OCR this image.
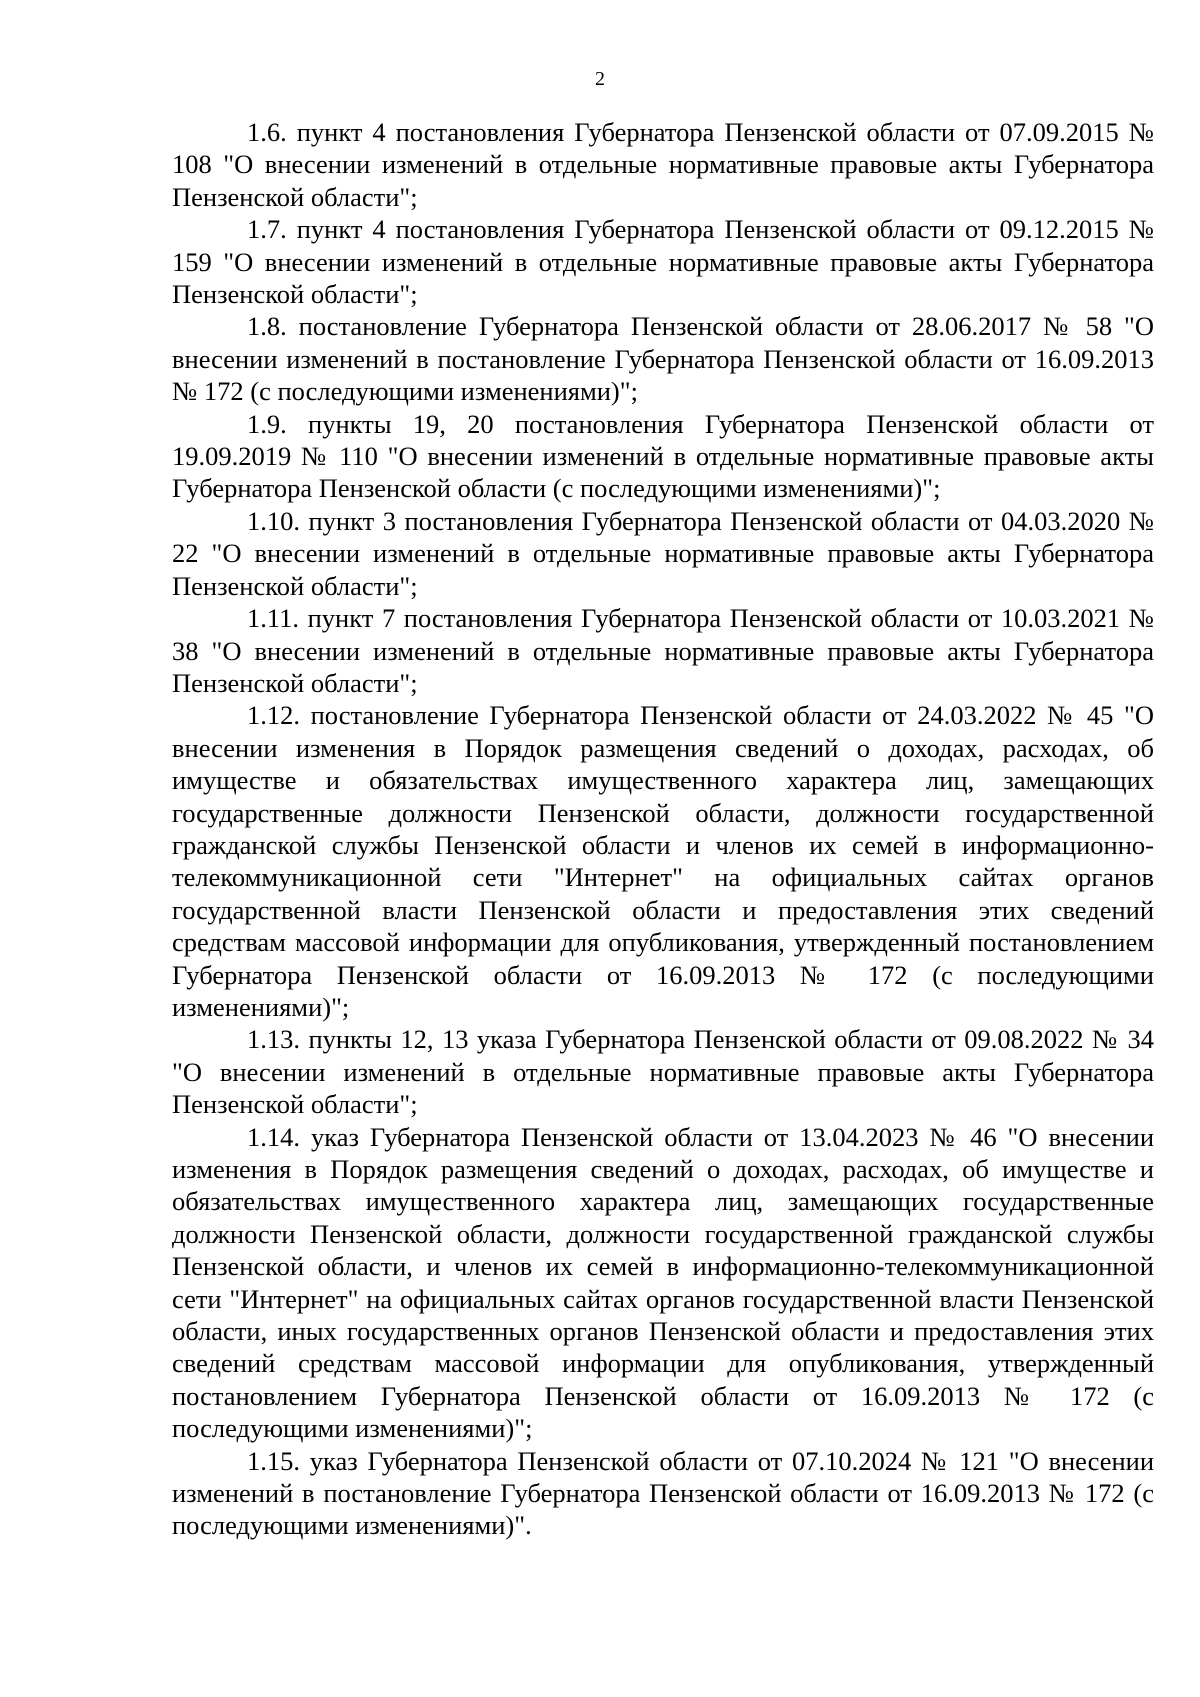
2

1.6. пункт 4 постановления Губернатора Пензенской области от 07.09.2015 № 108 "О внесении изменений в отдельные нормативные правовые акты Губернатора Пензенской области";

1.7. пункт 4 постановления Губернатора Пензенской области от 09.12.2015 № 159 "О внесении изменений в отдельные нормативные правовые акты Губернатора Пензенской области";

1.8. постановление Губернатора Пензенской области от 28.06.2017 № 58 "О внесении изменений в постановление Губернатора Пензенской области от 16.09.2013 № 172 (с последующими изменениями)";

1.9. пункты 19, 20 постановления Губернатора Пензенской области от 19.09.2019 № 110 "О внесении изменений в отдельные нормативные правовые акты Губернатора Пензенской области (с последующими изменениями)";

1.10. пункт 3 постановления Губернатора Пензенской области от 04.03.2020 № 22 "О внесении изменений в отдельные нормативные правовые акты Губернатора Пензенской области";

1.11. пункт 7 постановления Губернатора Пензенской области от 10.03.2021 № 38 "О внесении изменений в отдельные нормативные правовые акты Губернатора Пензенской области";

1.12. постановление Губернатора Пензенской области от 24.03.2022 № 45 "О внесении изменения в Порядок размещения сведений о доходах, расходах, об имуществе и обязательствах имущественного характера лиц, замещающих государственные должности Пензенской области, должности государственной гражданской службы Пензенской области и членов их семей в информационно-телекоммуникационной сети "Интернет" на официальных сайтах органов государственной власти Пензенской области и предоставления этих сведений средствам массовой информации для опубликования, утвержденный постановлением Губернатора Пензенской области от 16.09.2013 № 172 (с последующими изменениями)";

1.13. пункты 12, 13 указа Губернатора Пензенской области от 09.08.2022 № 34 "О внесении изменений в отдельные нормативные правовые акты Губернатора Пензенской области";

1.14. указ Губернатора Пензенской области от 13.04.2023 № 46 "О внесении изменения в Порядок размещения сведений о доходах, расходах, об имуществе и обязательствах имущественного характера лиц, замещающих государственные должности Пензенской области, должности государственной гражданской службы Пензенской области, и членов их семей в информационно-телекоммуникационной сети "Интернет" на официальных сайтах органов государственной власти Пензенской области, иных государственных органов Пензенской области и предоставления этих сведений средствам массовой информации для опубликования, утвержденный постановлением Губернатора Пензенской области от 16.09.2013 № 172 (с последующими изменениями)";

1.15. указ Губернатора Пензенской области от 07.10.2024 № 121 "О внесении изменений в постановление Губернатора Пензенской области от 16.09.2013 № 172 (с последующими изменениями)".
